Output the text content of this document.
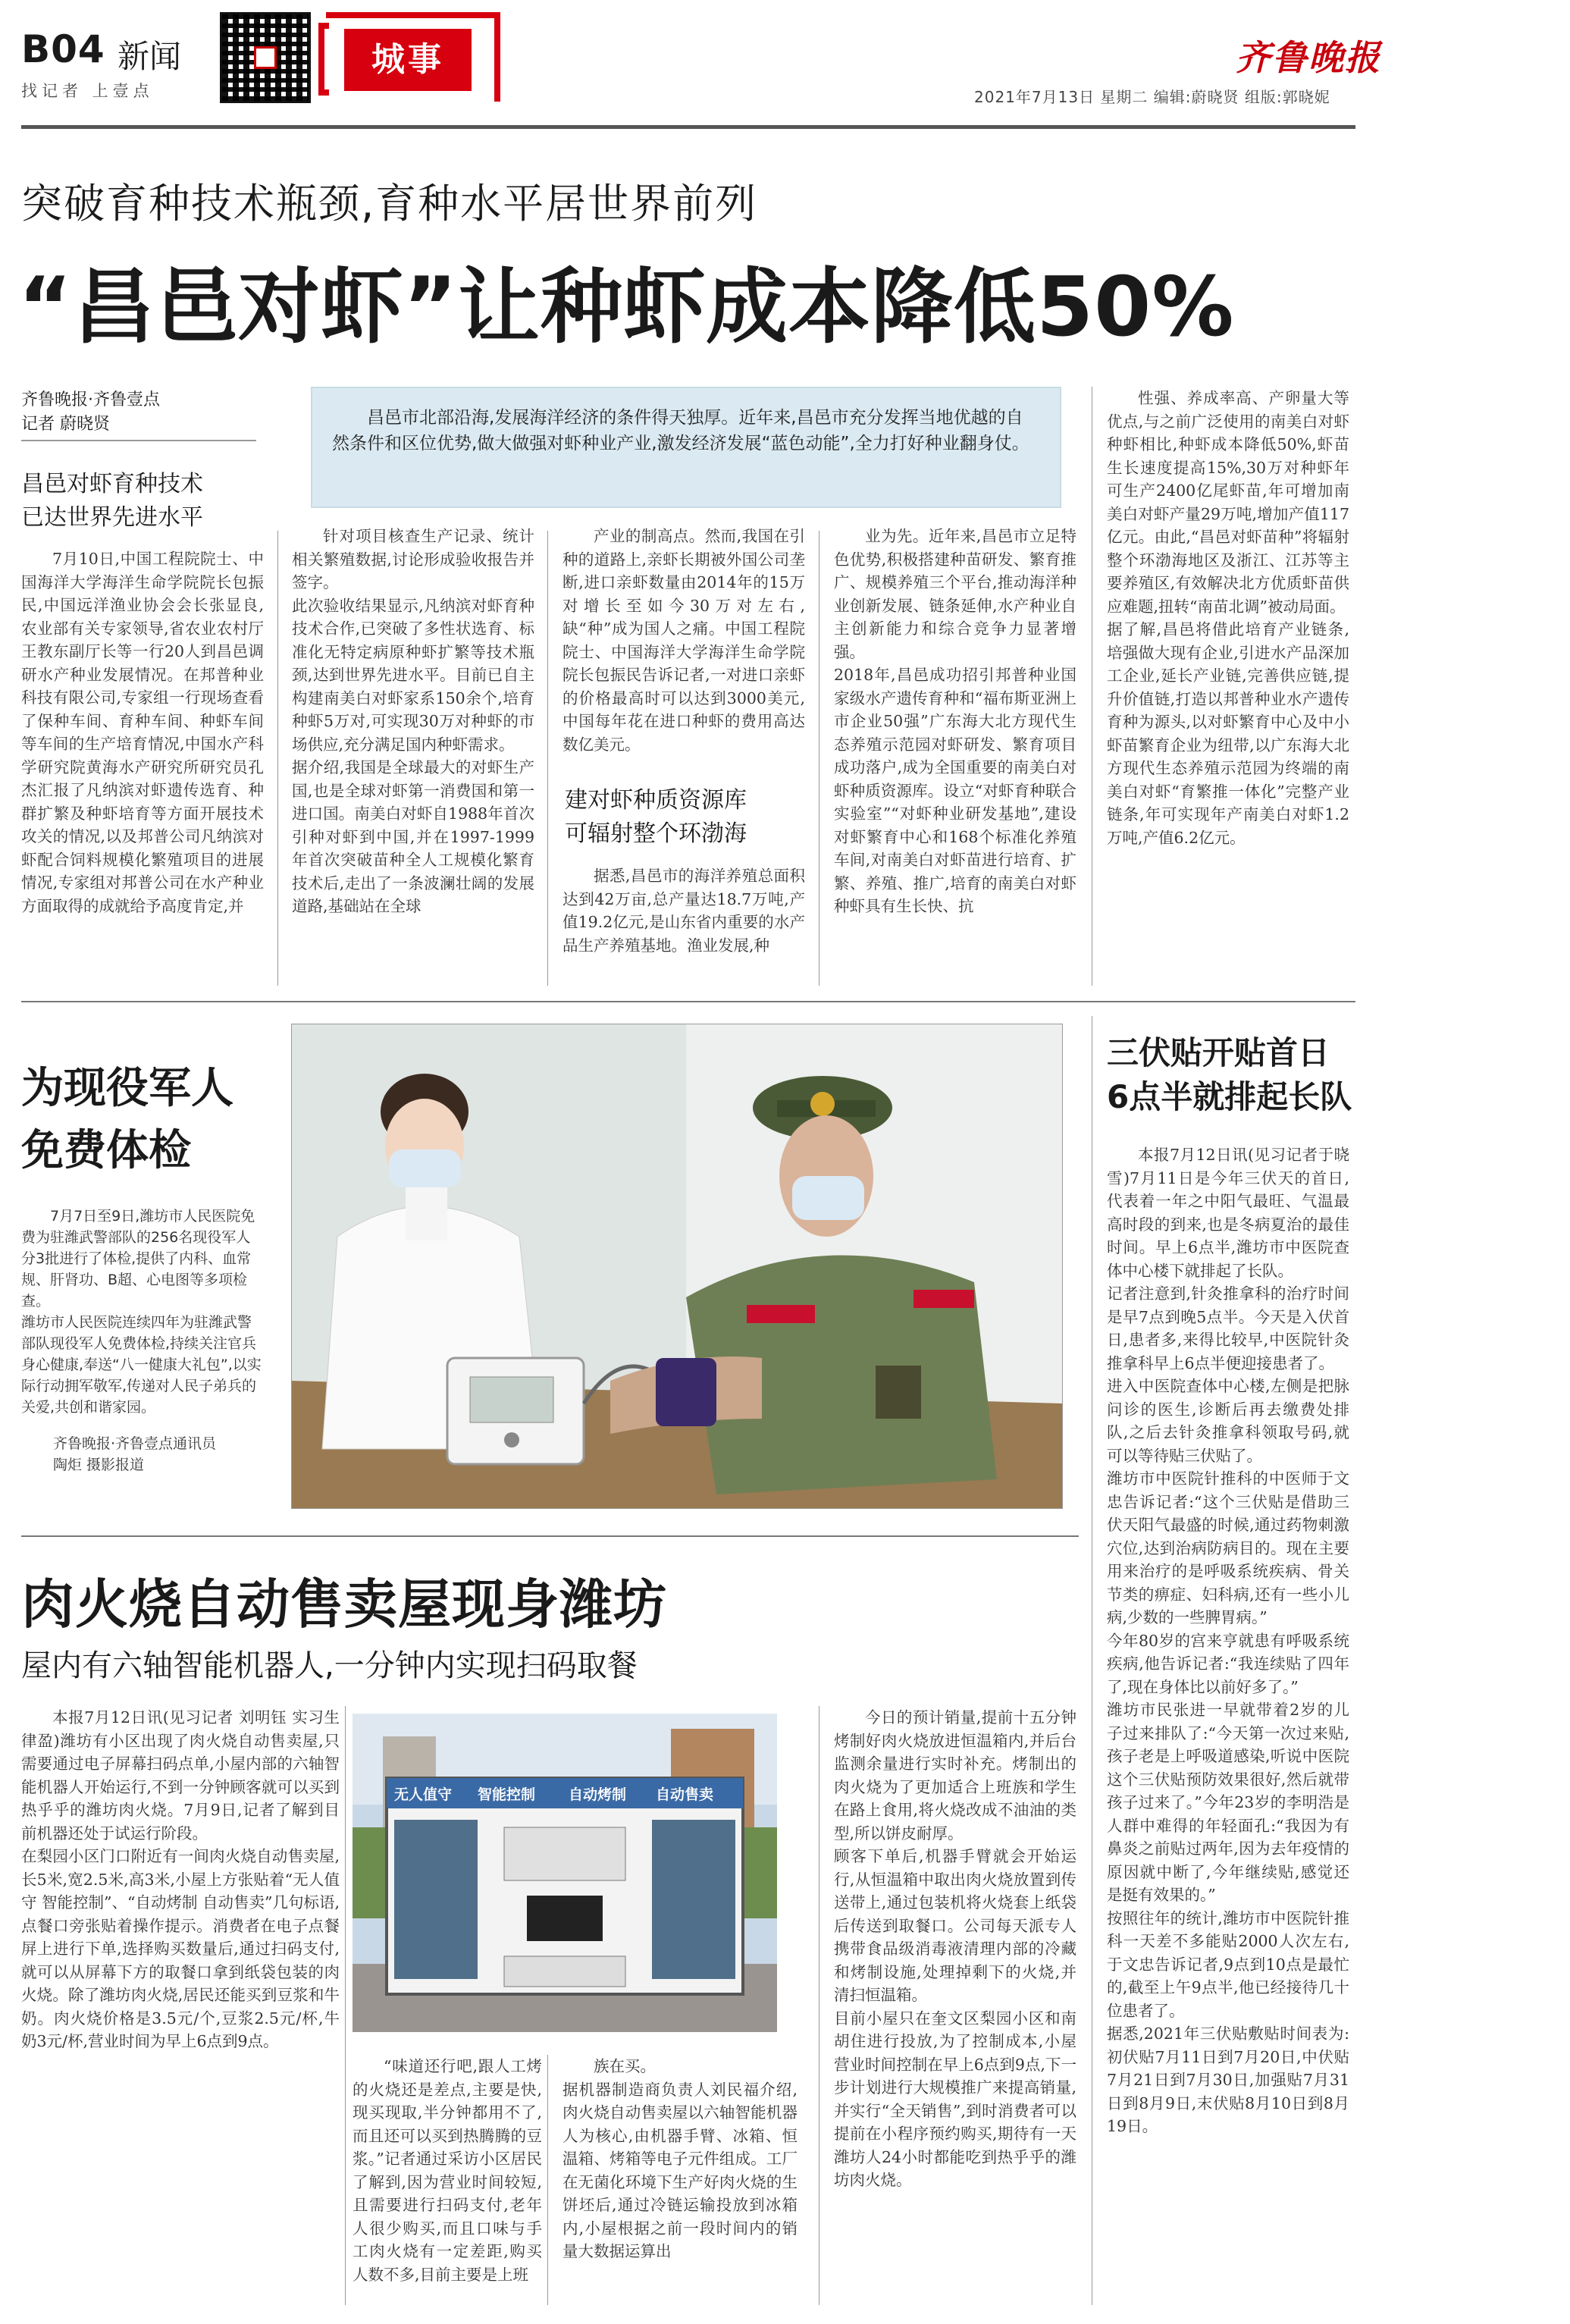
B04 新闻
找记者 上壹点
城事	齐鲁晚报
2021年7月13日 星期二 编辑:蔚晓贤 组版:郭晓妮
突破育种技术瓶颈,育种水平居世界前列
“昌邑对虾”让种虾成本降低50%
齐鲁晚报·齐鲁壹点
记者 蔚晓贤
昌邑对虾育种技术
已达世界先进水平
昌邑市北部沿海,发展海洋经济的条件得天独厚。近年来,昌邑市充分发挥当地优越的自然条件和区位优势,做大做强对虾种业产业,激发经济发展“蓝色动能”,全力打好种业翻身仗。
7月10日,中国工程院院士、中国海洋大学海洋生命学院院长包振民,中国远洋渔业协会会长张显良,农业部有关专家领导,省农业农村厅王教东副厅长等一行20人到昌邑调研水产种业发展情况。在邦普种业科技有限公司,专家组一行现场查看了保种车间、育种车间、种虾车间等车间的生产培育情况,中国水产科学研究院黄海水产研究所研究员孔杰汇报了凡纳滨对虾遗传选育、种群扩繁及种虾培育等方面开展技术攻关的情况,以及邦普公司凡纳滨对虾配合饲料规模化繁殖项目的进展情况,专家组对邦普公司在水产种业方面取得的成就给予高度肯定,并
针对项目核查生产记录、统计相关繁殖数据,讨论形成验收报告并签字。
此次验收结果显示,凡纳滨对虾育种技术合作,已突破了多性状选育、标准化无特定病原种虾扩繁等技术瓶颈,达到世界先进水平。目前已自主构建南美白对虾家系150余个,培育种虾5万对,可实现30万对种虾的市场供应,充分满足国内种虾需求。
据介绍,我国是全球最大的对虾生产国,也是全球对虾第一消费国和第一进口国。南美白对虾自1988年首次引种对虾到中国,并在1997-1999年首次突破苗种全人工规模化繁育技术后,走出了一条波澜壮阔的发展道路,基础站在全球
产业的制高点。然而,我国在引种的道路上,亲虾长期被外国公司垄断,进口亲虾数量由2014年的15万对增长至如今30万对左右,缺“种”成为国人之痛。中国工程院院士、中国海洋大学海洋生命学院院长包振民告诉记者,一对进口亲虾的价格最高时可以达到3000美元,中国每年花在进口种虾的费用高达数亿美元。
建对虾种质资源库
可辐射整个环渤海
据悉,昌邑市的海洋养殖总面积达到42万亩,总产量达18.7万吨,产值19.2亿元,是山东省内重要的水产品生产养殖基地。渔业发展,种
业为先。近年来,昌邑市立足特色优势,积极搭建种苗研发、繁育推广、规模养殖三个平台,推动海洋种业创新发展、链条延伸,水产种业自主创新能力和综合竞争力显著增强。
2018年,昌邑成功招引邦普种业国家级水产遗传育种和“福布斯亚洲上市企业50强”广东海大北方现代生态养殖示范园对虾研发、繁育项目成功落户,成为全国重要的南美白对虾种质资源库。设立“对虾育种联合实验室”“对虾种业研发基地”,建设对虾繁育中心和168个标准化养殖车间,对南美白对虾苗进行培育、扩繁、养殖、推广,培育的南美白对虾种虾具有生长快、抗
性强、养成率高、产卵量大等优点,与之前广泛使用的南美白对虾种虾相比,种虾成本降低50%,虾苗生长速度提高15%,30万对种虾年可生产2400亿尾虾苗,年可增加南美白对虾产量29万吨,增加产值117亿元。由此,“昌邑对虾苗种”将辐射整个环渤海地区及浙江、江苏等主要养殖区,有效解决北方优质虾苗供应难题,扭转“南苗北调”被动局面。
据了解,昌邑将借此培育产业链条,培强做大现有企业,引进水产品深加工企业,延长产业链,完善供应链,提升价值链,打造以邦普种业水产遗传育种为源头,以对虾繁育中心及中小虾苗繁育企业为纽带,以广东海大北方现代生态养殖示范园为终端的南美白对虾“育繁推一体化”完整产业链条,年可实现年产南美白对虾1.2万吨,产值6.2亿元。
为现役军人
免费体检
7月7日至9日,潍坊市人民医院免费为驻潍武警部队的256名现役军人分3批进行了体检,提供了内科、血常规、肝肾功、B超、心电图等多项检查。
潍坊市人民医院连续四年为驻潍武警部队现役军人免费体检,持续关注官兵身心健康,奉送“八一健康大礼包”,以实际行动拥军敬军,传递对人民子弟兵的关爱,共创和谐家园。
齐鲁晚报·齐鲁壹点通讯员
陶炬 摄影报道
三伏贴开贴首日
6点半就排起长队
本报7月12日讯(见习记者于晓雪)7月11日是今年三伏天的首日,代表着一年之中阳气最旺、气温最高时段的到来,也是冬病夏治的最佳时间。早上6点半,潍坊市中医院查体中心楼下就排起了长队。
记者注意到,针灸推拿科的治疗时间是早7点到晚5点半。今天是入伏首日,患者多,来得比较早,中医院针灸推拿科早上6点半便迎接患者了。
进入中医院查体中心楼,左侧是把脉问诊的医生,诊断后再去缴费处排队,之后去针灸推拿科领取号码,就可以等待贴三伏贴了。
潍坊市中医院针推科的中医师于文忠告诉记者:“这个三伏贴是借助三伏天阳气最盛的时候,通过药物刺激穴位,达到治病防病目的。现在主要用来治疗的是呼吸系统疾病、骨关节类的痹症、妇科病,还有一些小儿病,少数的一些脾胃病。”
今年80岁的宫来亨就患有呼吸系统疾病,他告诉记者:“我连续贴了四年了,现在身体比以前好多了。”
潍坊市民张进一早就带着2岁的儿子过来排队了:“今天第一次过来贴,孩子老是上呼吸道感染,听说中医院这个三伏贴预防效果很好,然后就带孩子过来了。”今年23岁的李明浩是人群中难得的年轻面孔:“我因为有鼻炎之前贴过两年,因为去年疫情的原因就中断了,今年继续贴,感觉还是挺有效果的。”
按照往年的统计,潍坊市中医院针推科一天差不多能贴2000人次左右,于文忠告诉记者,9点到10点是最忙的,截至上午9点半,他已经接待几十位患者了。
据悉,2021年三伏贴敷贴时间表为:初伏贴7月11日到7月20日,中伏贴7月21日到7月30日,加强贴7月31日到8月9日,末伏贴8月10日到8月19日。
肉火烧自动售卖屋现身潍坊
屋内有六轴智能机器人,一分钟内实现扫码取餐
本报7月12日讯(见习记者 刘明钰 实习生 律盈)潍坊有小区出现了肉火烧自动售卖屋,只需要通过电子屏幕扫码点单,小屋内部的六轴智能机器人开始运行,不到一分钟顾客就可以买到热乎乎的潍坊肉火烧。7月9日,记者了解到目前机器还处于试运行阶段。
在梨园小区门口附近有一间肉火烧自动售卖屋,长5米,宽2.5米,高3米,小屋上方张贴着“无人值守 智能控制”、“自动烤制 自动售卖”几句标语,点餐口旁张贴着操作提示。消费者在电子点餐屏上进行下单,选择购买数量后,通过扫码支付,就可以从屏幕下方的取餐口拿到纸袋包装的肉火烧。除了潍坊肉火烧,居民还能买到豆浆和牛奶。肉火烧价格是3.5元/个,豆浆2.5元/杯,牛奶3元/杯,营业时间为早上6点到9点。
无人值守 智能控制 自动烤制 自动售卖
“味道还行吧,跟人工烤的火烧还是差点,主要是快,现买现取,半分钟都用不了,而且还可以买到热腾腾的豆浆。”记者通过采访小区居民了解到,因为营业时间较短,且需要进行扫码支付,老年人很少购买,而且口味与手工肉火烧有一定差距,购买人数不多,目前主要是上班
族在买。
据机器制造商负责人刘民福介绍,肉火烧自动售卖屋以六轴智能机器人为核心,由机器手臂、冰箱、恒温箱、烤箱等电子元件组成。工厂在无菌化环境下生产好肉火烧的生饼坯后,通过冷链运输投放到冰箱内,小屋根据之前一段时间内的销量大数据运算出
今日的预计销量,提前十五分钟烤制好肉火烧放进恒温箱内,并后台监测余量进行实时补充。烤制出的肉火烧为了更加适合上班族和学生在路上食用,将火烧改成不油油的类型,所以饼皮耐厚。
顾客下单后,机器手臂就会开始运行,从恒温箱中取出肉火烧放置到传送带上,通过包装机将火烧套上纸袋后传送到取餐口。公司每天派专人携带食品级消毒液清理内部的冷藏和烤制设施,处理掉剩下的火烧,并清扫恒温箱。
目前小屋只在奎文区梨园小区和南胡住进行投放,为了控制成本,小屋营业时间控制在早上6点到9点,下一步计划进行大规模推广来提高销量,并实行“全天销售”,到时消费者可以提前在小程序预约购买,期待有一天潍坊人24小时都能吃到热乎乎的潍坊肉火烧。
